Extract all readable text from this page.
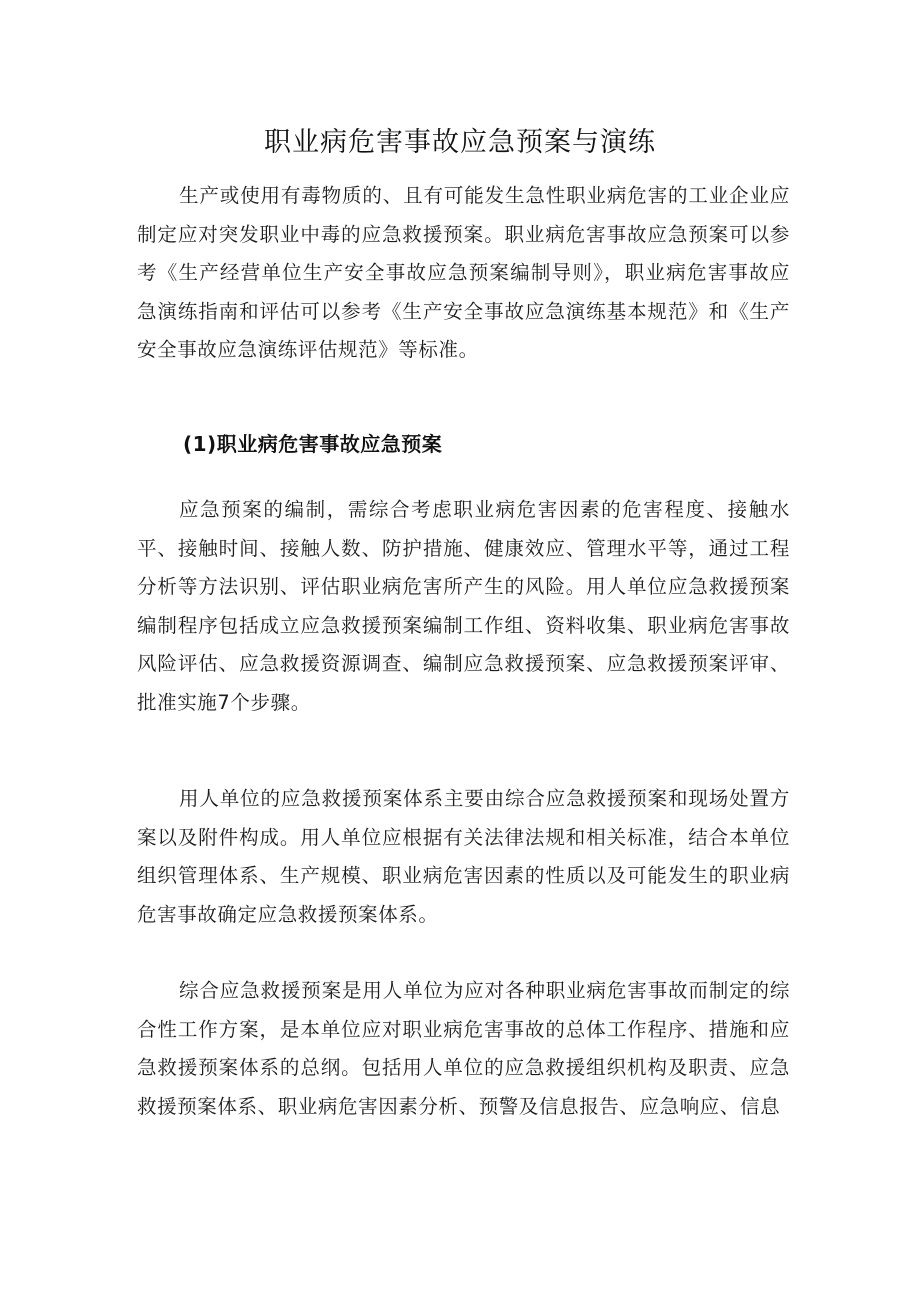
职业病危害事故应急预案与演练

生产或使用有毒物质的、且有可能发生急性职业病危害的工业企业应制定应对突发职业中毒的应急救援预案。职业病危害事故应急预案可以参考《生产经营单位生产安全事故应急预案编制导则》，职业病危害事故应急演练指南和评估可以参考《生产安全事故应急演练基本规范》和《生产安全事故应急演练评估规范》等标准。

(1)职业病危害事故应急预案

应急预案的编制，需综合考虑职业病危害因素的危害程度、接触水平、接触时间、接触人数、防护措施、健康效应、管理水平等，通过工程分析等方法识别、评估职业病危害所产生的风险。用人单位应急救援预案编制程序包括成立应急救援预案编制工作组、资料收集、职业病危害事故风险评估、应急救援资源调查、编制应急救援预案、应急救援预案评审、批准实施7个步骤。

用人单位的应急救援预案体系主要由综合应急救援预案和现场处置方案以及附件构成。用人单位应根据有关法律法规和相关标准，结合本单位组织管理体系、生产规模、职业病危害因素的性质以及可能发生的职业病危害事故确定应急救援预案体系。

综合应急救援预案是用人单位为应对各种职业病危害事故而制定的综合性工作方案，是本单位应对职业病危害事故的总体工作程序、措施和应急救援预案体系的总纲。包括用人单位的应急救援组织机构及职责、应急救援预案体系、职业病危害因素分析、预警及信息报告、应急响应、信息
